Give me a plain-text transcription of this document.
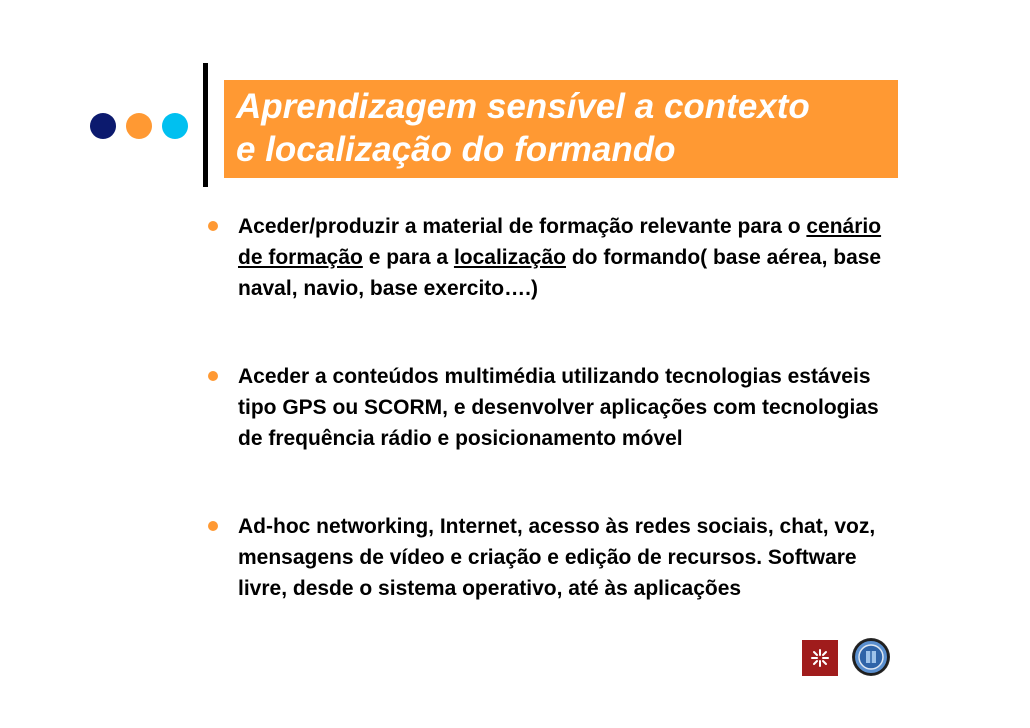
Aprendizagem sensível a contexto
e localização do formando
Aceder/produzir a material de formação relevante para o cenário de formação e para a localização do formando( base aérea, base naval, navio, base exercito….)
Aceder a conteúdos multimédia utilizando tecnologias estáveis tipo GPS ou SCORM, e desenvolver aplicações com tecnologias de frequência rádio e posicionamento móvel
Ad-hoc networking, Internet, acesso às redes sociais, chat, voz, mensagens de vídeo e criação e edição de recursos. Software livre, desde o sistema operativo, até às aplicações
